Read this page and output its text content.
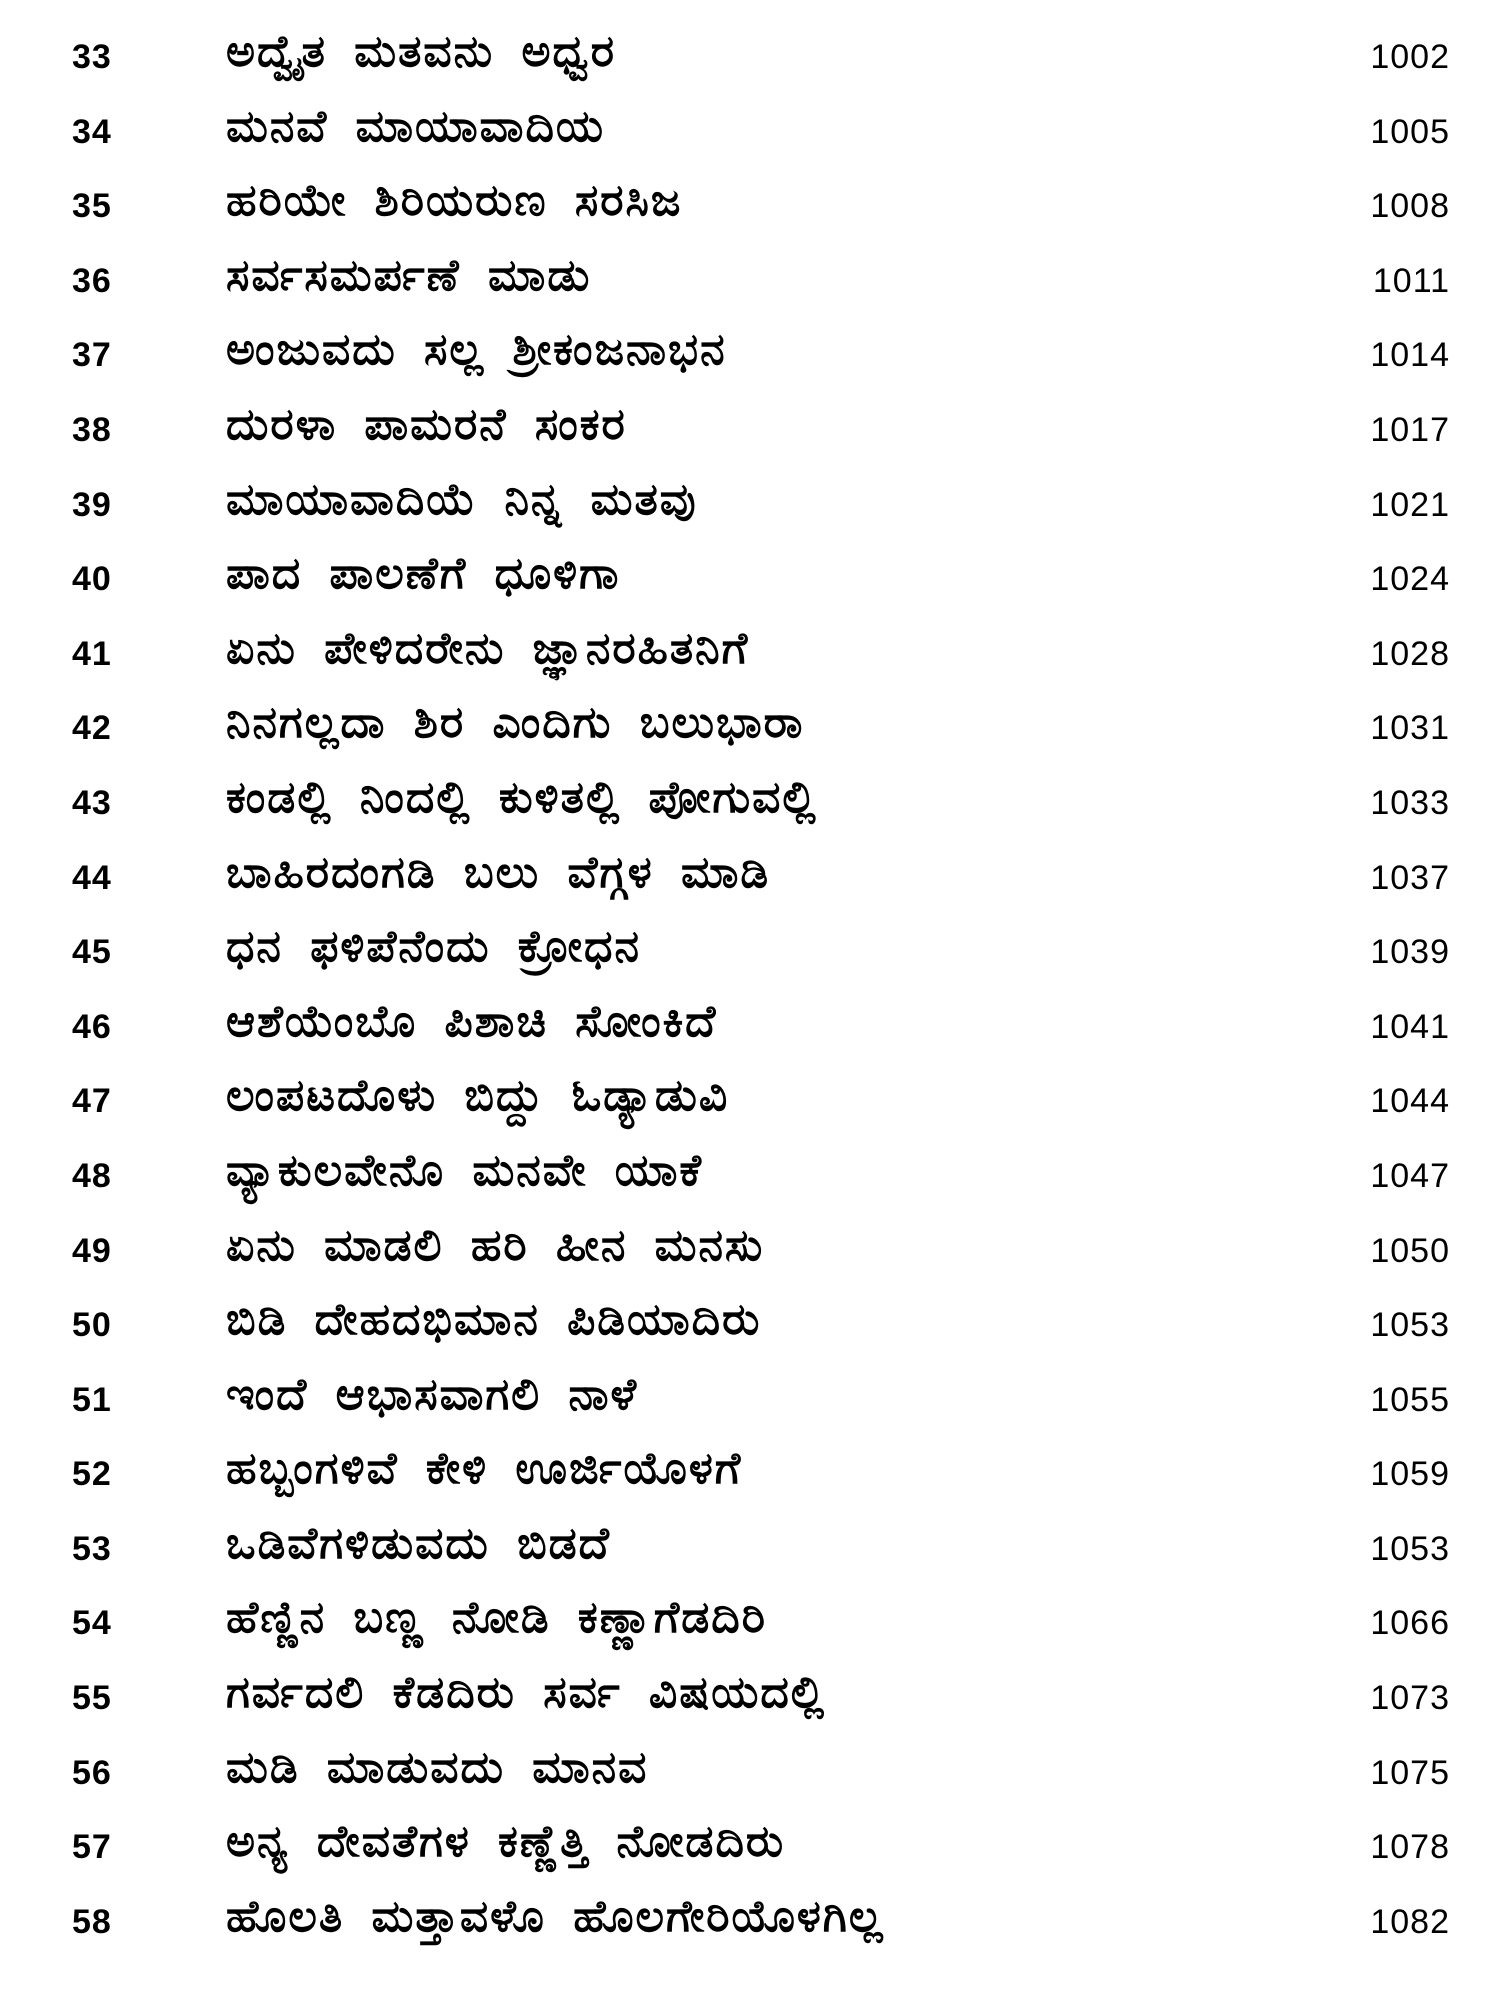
33	ಅದ್ವೈತ ಮತವನು ಅಧ್ವರ	1002
34	ಮನವೆ ಮಾಯಾವಾದಿಯ	1005
35	ಹರಿಯೇ ಶಿರಿಯರುಣ ಸರಸಿಜ	1008
36	ಸರ್ವಸಮರ್ಪಣೆ ಮಾಡು	1011
37	ಅಂಜುವದು ಸಲ್ಲ ಶ್ರೀಕಂಜನಾಭನ	1014
38	ದುರಳಾ ಪಾಮರನೆ ಸಂಕರ	1017
39	ಮಾಯಾವಾದಿಯೆ ನಿನ್ನ ಮತವು	1021
40	ಪಾದ ಪಾಲಣೆಗೆ ಧೂಳಿಗಾ	1024
41	ಏನು ಪೇಳಿದರೇನು ಜ್ಞಾನರಹಿತನಿಗೆ	1028
42	ನಿನಗಲ್ಲದಾ ಶಿರ ಎಂದಿಗು ಬಲುಭಾರಾ	1031
43	ಕಂಡಲ್ಲಿ ನಿಂದಲ್ಲಿ ಕುಳಿತಲ್ಲಿ ಪೋಗುವಲ್ಲಿ	1033
44	ಬಾಹಿರದಂಗಡಿ ಬಲು ವೆಗ್ಗಳ ಮಾಡಿ	1037
45	ಧನ ಫಳಿಪೆನೆಂದು ಕ್ರೋಧನ	1039
46	ಆಶೆಯೆಂಬೊ ಪಿಶಾಚಿ ಸೋಂಕಿದೆ	1041
47	ಲಂಪಟದೊಳು ಬಿದ್ದು ಓಡ್ಯಾಡುವಿ	1044
48	ವ್ಯಾಕುಲವೇನೊ ಮನವೇ ಯಾಕೆ	1047
49	ಏನು ಮಾಡಲಿ ಹರಿ ಹೀನ ಮನಸು	1050
50	ಬಿಡಿ ದೇಹದಭಿಮಾನ ಪಿಡಿಯಾದಿರು	1053
51	ಇಂದೆ ಆಭಾಸವಾಗಲಿ ನಾಳೆ	1055
52	ಹಬ್ಬಂಗಳಿವೆ ಕೇಳಿ ಊರ್ಜಿಯೊಳಗೆ	1059
53	ಒಡಿವೆಗಳಿಡುವದು ಬಿಡದೆ	1053
54	ಹೆಣ್ಣಿನ ಬಣ್ಣ ನೋಡಿ ಕಣ್ಣಾಗೆಡದಿರಿ	1066
55	ಗರ್ವದಲಿ ಕೆಡದಿರು ಸರ್ವ ವಿಷಯದಲ್ಲಿ	1073
56	ಮಡಿ ಮಾಡುವದು ಮಾನವ	1075
57	ಅನ್ಯ ದೇವತೆಗಳ ಕಣ್ಣೆತ್ತಿ ನೋಡದಿರು	1078
58	ಹೊಲತಿ ಮತ್ತಾವಳೊ ಹೊಲಗೇರಿಯೊಳಗಿಲ್ಲ	1082
